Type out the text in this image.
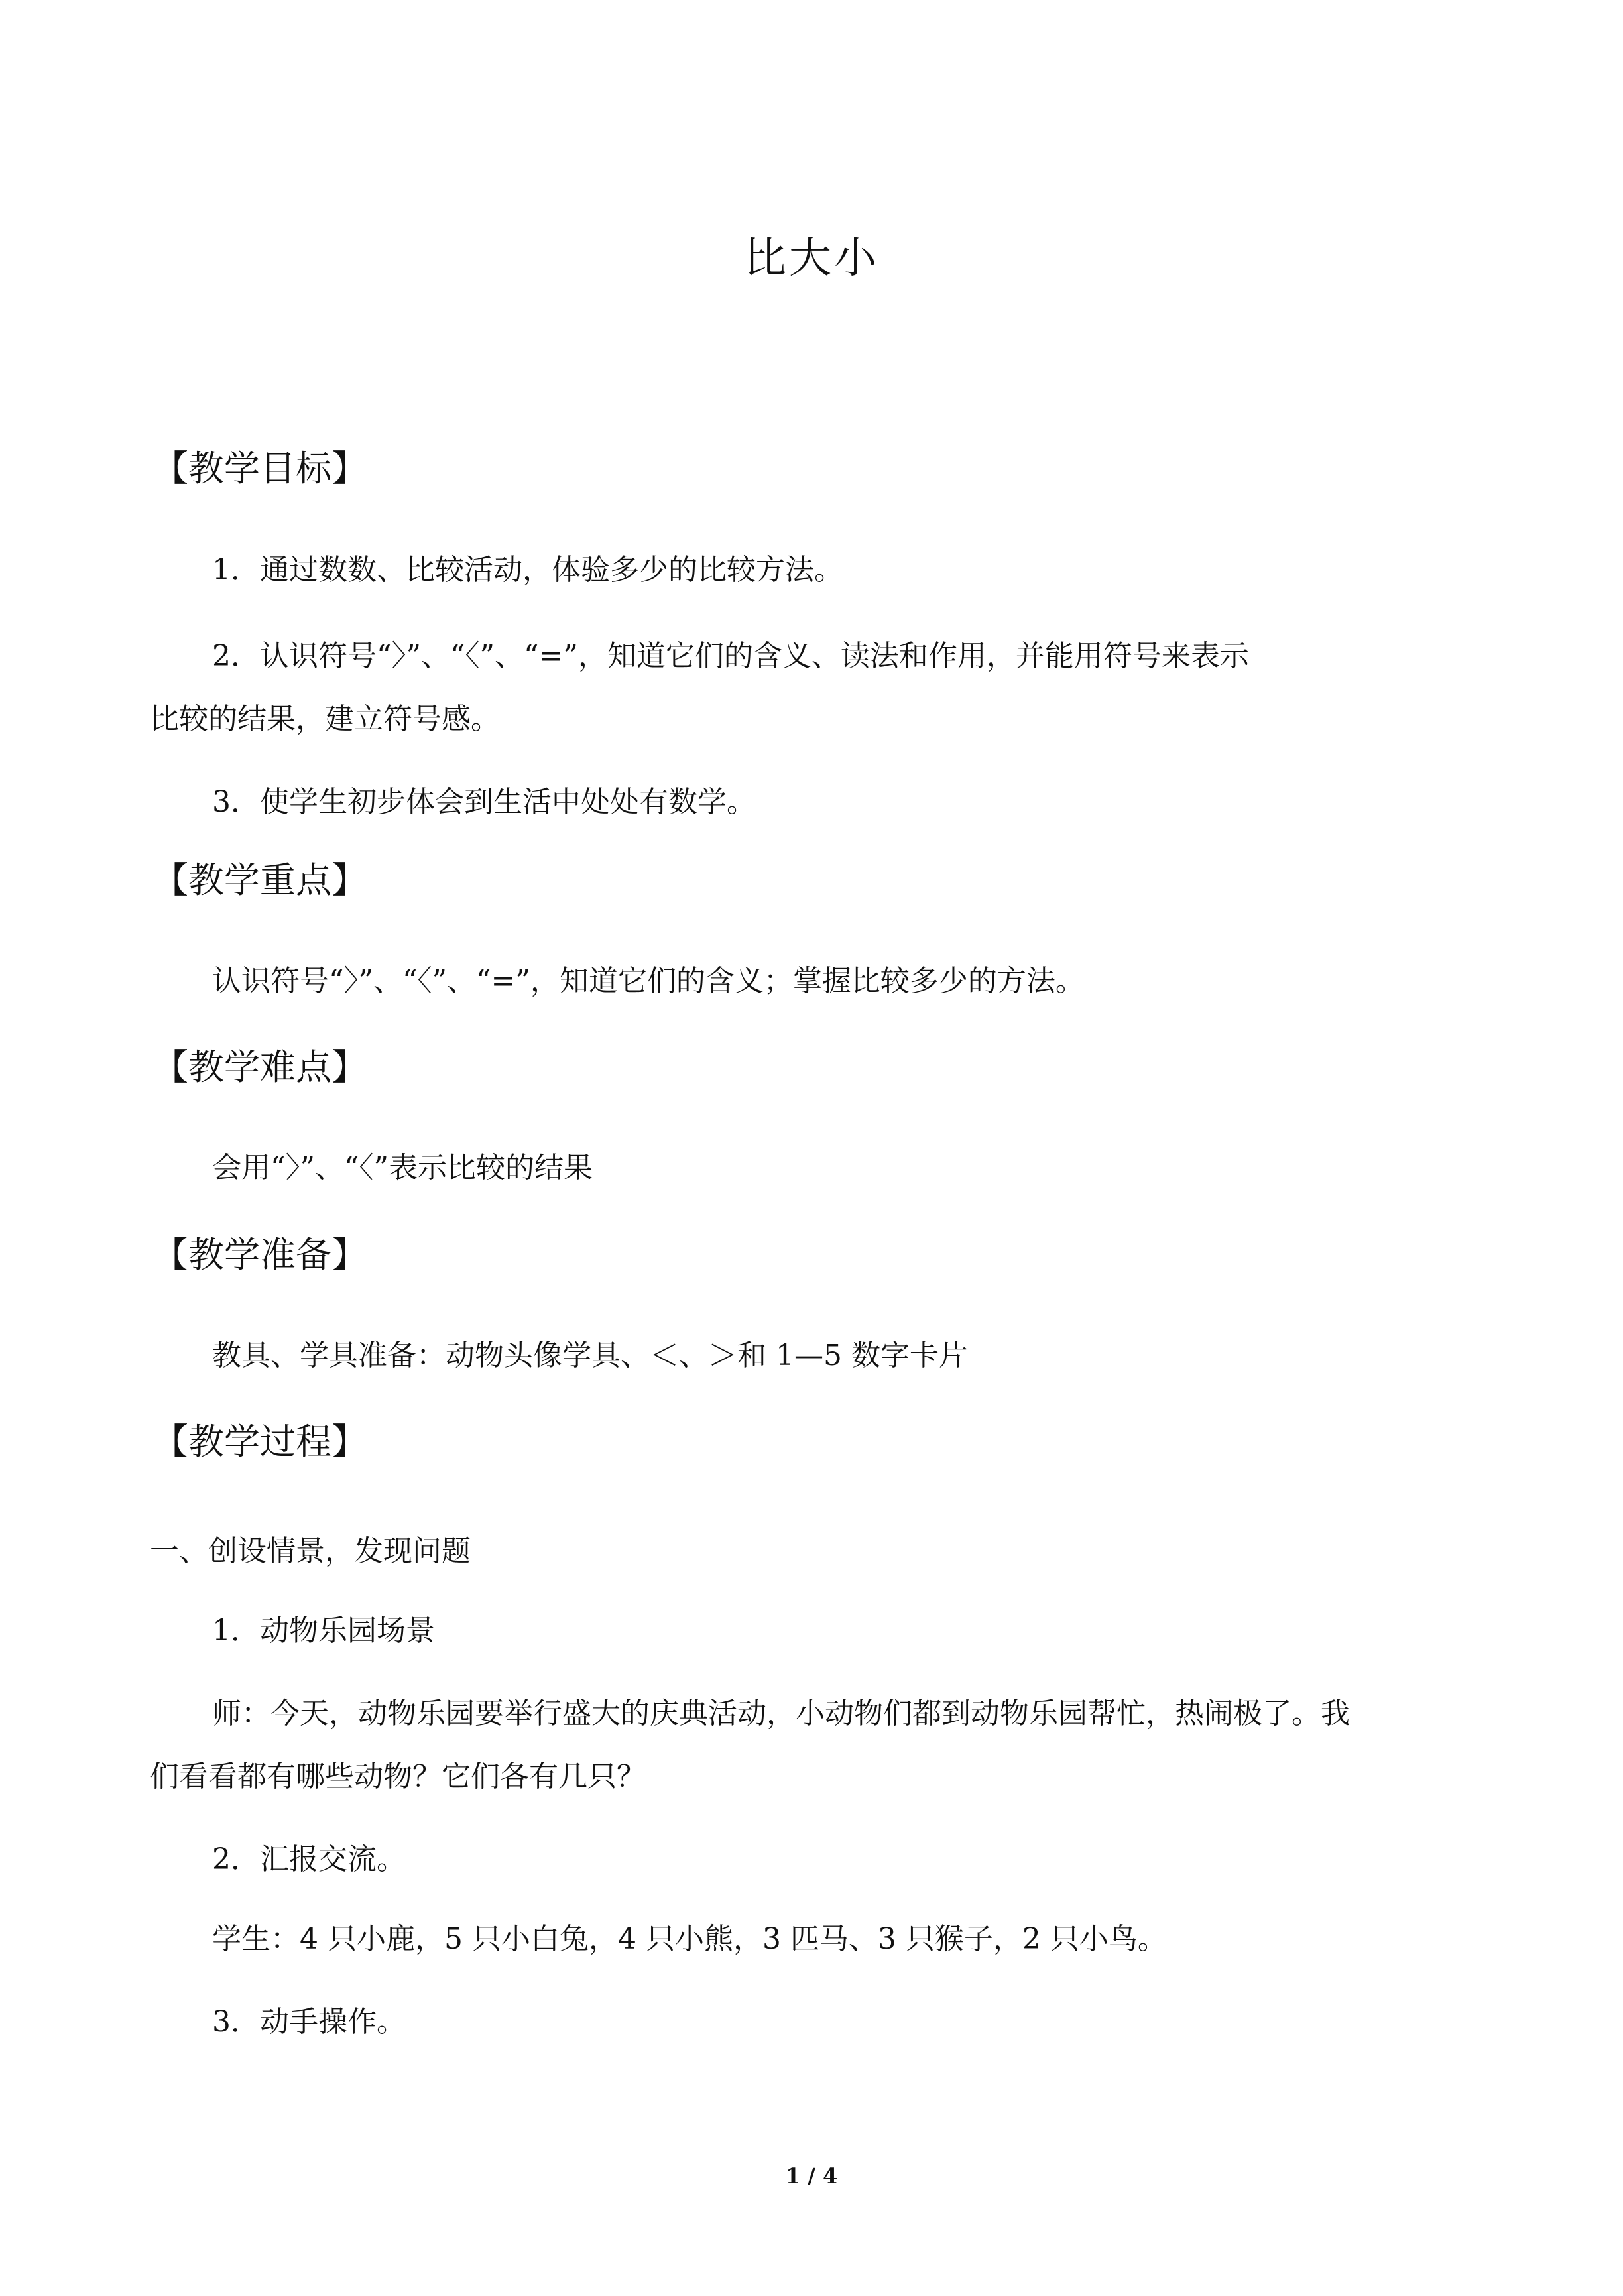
比大小
【教学目标】
1．通过数数、比较活动，体验多少的比较方法。
2．认识符号“〉”、“〈”、“=”，知道它们的含义、读法和作用，并能用符号来表示
比较的结果，建立符号感。
3．使学生初步体会到生活中处处有数学。
【教学重点】
认识符号“〉”、“〈”、“=”，知道它们的含义；掌握比较多少的方法。
【教学难点】
会用“〉”、“〈”表示比较的结果
【教学准备】
教具、学具准备：动物头像学具、＜、＞和 1—5 数字卡片
【教学过程】
一、创设情景，发现问题
1．动物乐园场景
师：今天，动物乐园要举行盛大的庆典活动，小动物们都到动物乐园帮忙，热闹极了。我
们看看都有哪些动物？它们各有几只？
2．汇报交流。
学生：4 只小鹿，5 只小白兔，4 只小熊，3 匹马、3 只猴子，2 只小鸟。
3．动手操作。
1 / 4
